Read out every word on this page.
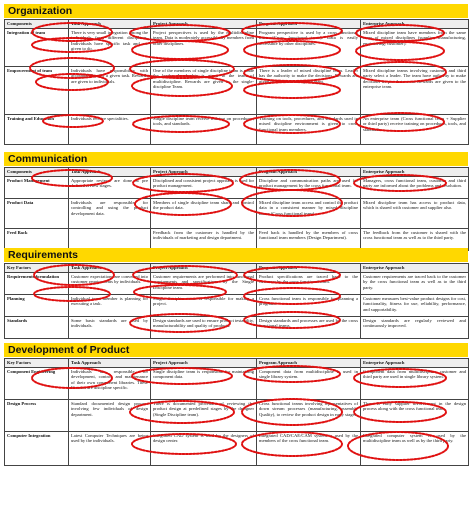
Organization
Components	Task Approach	Project Approach	Program Approach	Enterprise Approach
Integration of team	There is very small integration among the individuals from different disciplines. Individuals have specific task and are given to do.	Project perspectives is used by the multidiscipline team. Data is moderately accessible by members from other disciplines.	Program perspective is used by a cross functional team (Cross functional team). Data is easily accessible by other disciplines.	Mixed discipline team have members from the same team of mixed disciplines (supplier, manufacturing, engineering, customer).
Empowerment of team	Individuals have responsibility with accountability for a given task. Rewards are given to individuals.	One of the members of single discipline team is made the leader. Leadership is given to the team of multidiscipline. Rewards are given to the single-discipline Team.	There is a leader of mixed discipline team. Leader has the authority to make the decisions. Rewards are given to the mixed-discipline team.	Mixed discipline teams involving customer and third party select a leader. The team have authority to make decisions as per their own. Rewards are given to the enterprise team.
Training and Education	Individuals receive specialities.	Single discipline team receive training on procedures, tools, and standards.	Training on tools, procedures, and standards used in mixed discipline environment is given to cross functional team members.	An enterprise team (Cross functional team + Supplier or third party) receive training on procedures, tools, and standards.
Communication
Components	Task Approach	Project Approach	Program Approach	Enterprise Approach
Product Management	Appropriate reviews are done at pre defined review stages.	Disciplined and consistent project approach is used for product management.	Discipline and communication paths are used for product management by the cross functional team.	Managers, cross functional team, customer and third party are informed about the problems and resolution.
Product Data	Individuals are responsible for controlling and using the product development data.	Members of single discipline team share and control the product data.	Mixed discipline team access and control the product data in a consistent manner by mixed discipline teams (Cross functional team).	Mixed discipline team has access to product data, which is shared with customer and supplier also.
Feed Back		Feedback from the customer is handled by the individuals of marketing and design department.	Feed back is handled by the members of cross functional team members (Design Department).	The feedback from the customer is shared with the cross functional team as well as to the third party.
Requirements
Key Factors	Task Approach	Project Approach	Program Approach	Enterprise Approach
Requirements formulation	Customer expectations are converted into customer requirements by individuals.	Customer requirements are performed into functional requirements and specifications by the Single Discipline team.	Product specifications are traced back to the customer by the cross functional team.	Customer requirements are traced back to the customer by the cross functional team as well as to the third party.
Planning	Individual team member is planning for executing a task.	Single discipline team is responsible for making a project.	Cross functional team is responsible for planning a program.	Customer measures best-value product designs for cost, functionality, fitness for use, reliability, performance, and supportability.
Standards	Some basic standards are used by individuals.	Design standards are used to ensure product testability, manufacturability and quality of products.	Design standards and processes are used by the cross functional teams.	Design standards are regularly reviewed and continuously improved.
Development of Product
Key Factors	Task Approach	Project Approach	Program Approach	Enterprise Approach
Component Engineering	Individuals are responsible for development, control, and maintenance of their own component libraries. These libraries are discipline specific.	Single discipline team is responsible for maintaining component data.	Component data from multidiscipline is used in single library system.	Component data from multidiscipline, customer and third party are used in single library system.
Design Process	Standard documented design process involving few individuals of design department.	There is documented procedure of reviewing the product design at predefined stages by the designer (Single Discipline team).	Cross functional teams involving representatives of down stream processes (manufacturing, assembly Quality), to review the product design in early stages.	There is early supplier involvement in the design process along with the cross functional team.
Computer Integration	Latest Computer Techniques are being used by the individuals.	Integrated CAD system is used by the designers of design center.	Integrated CAD/CAE/CAM system is used by the members of the cross functional team.	Integrated computer system is used by the multidiscipline team as well as by the third party.
